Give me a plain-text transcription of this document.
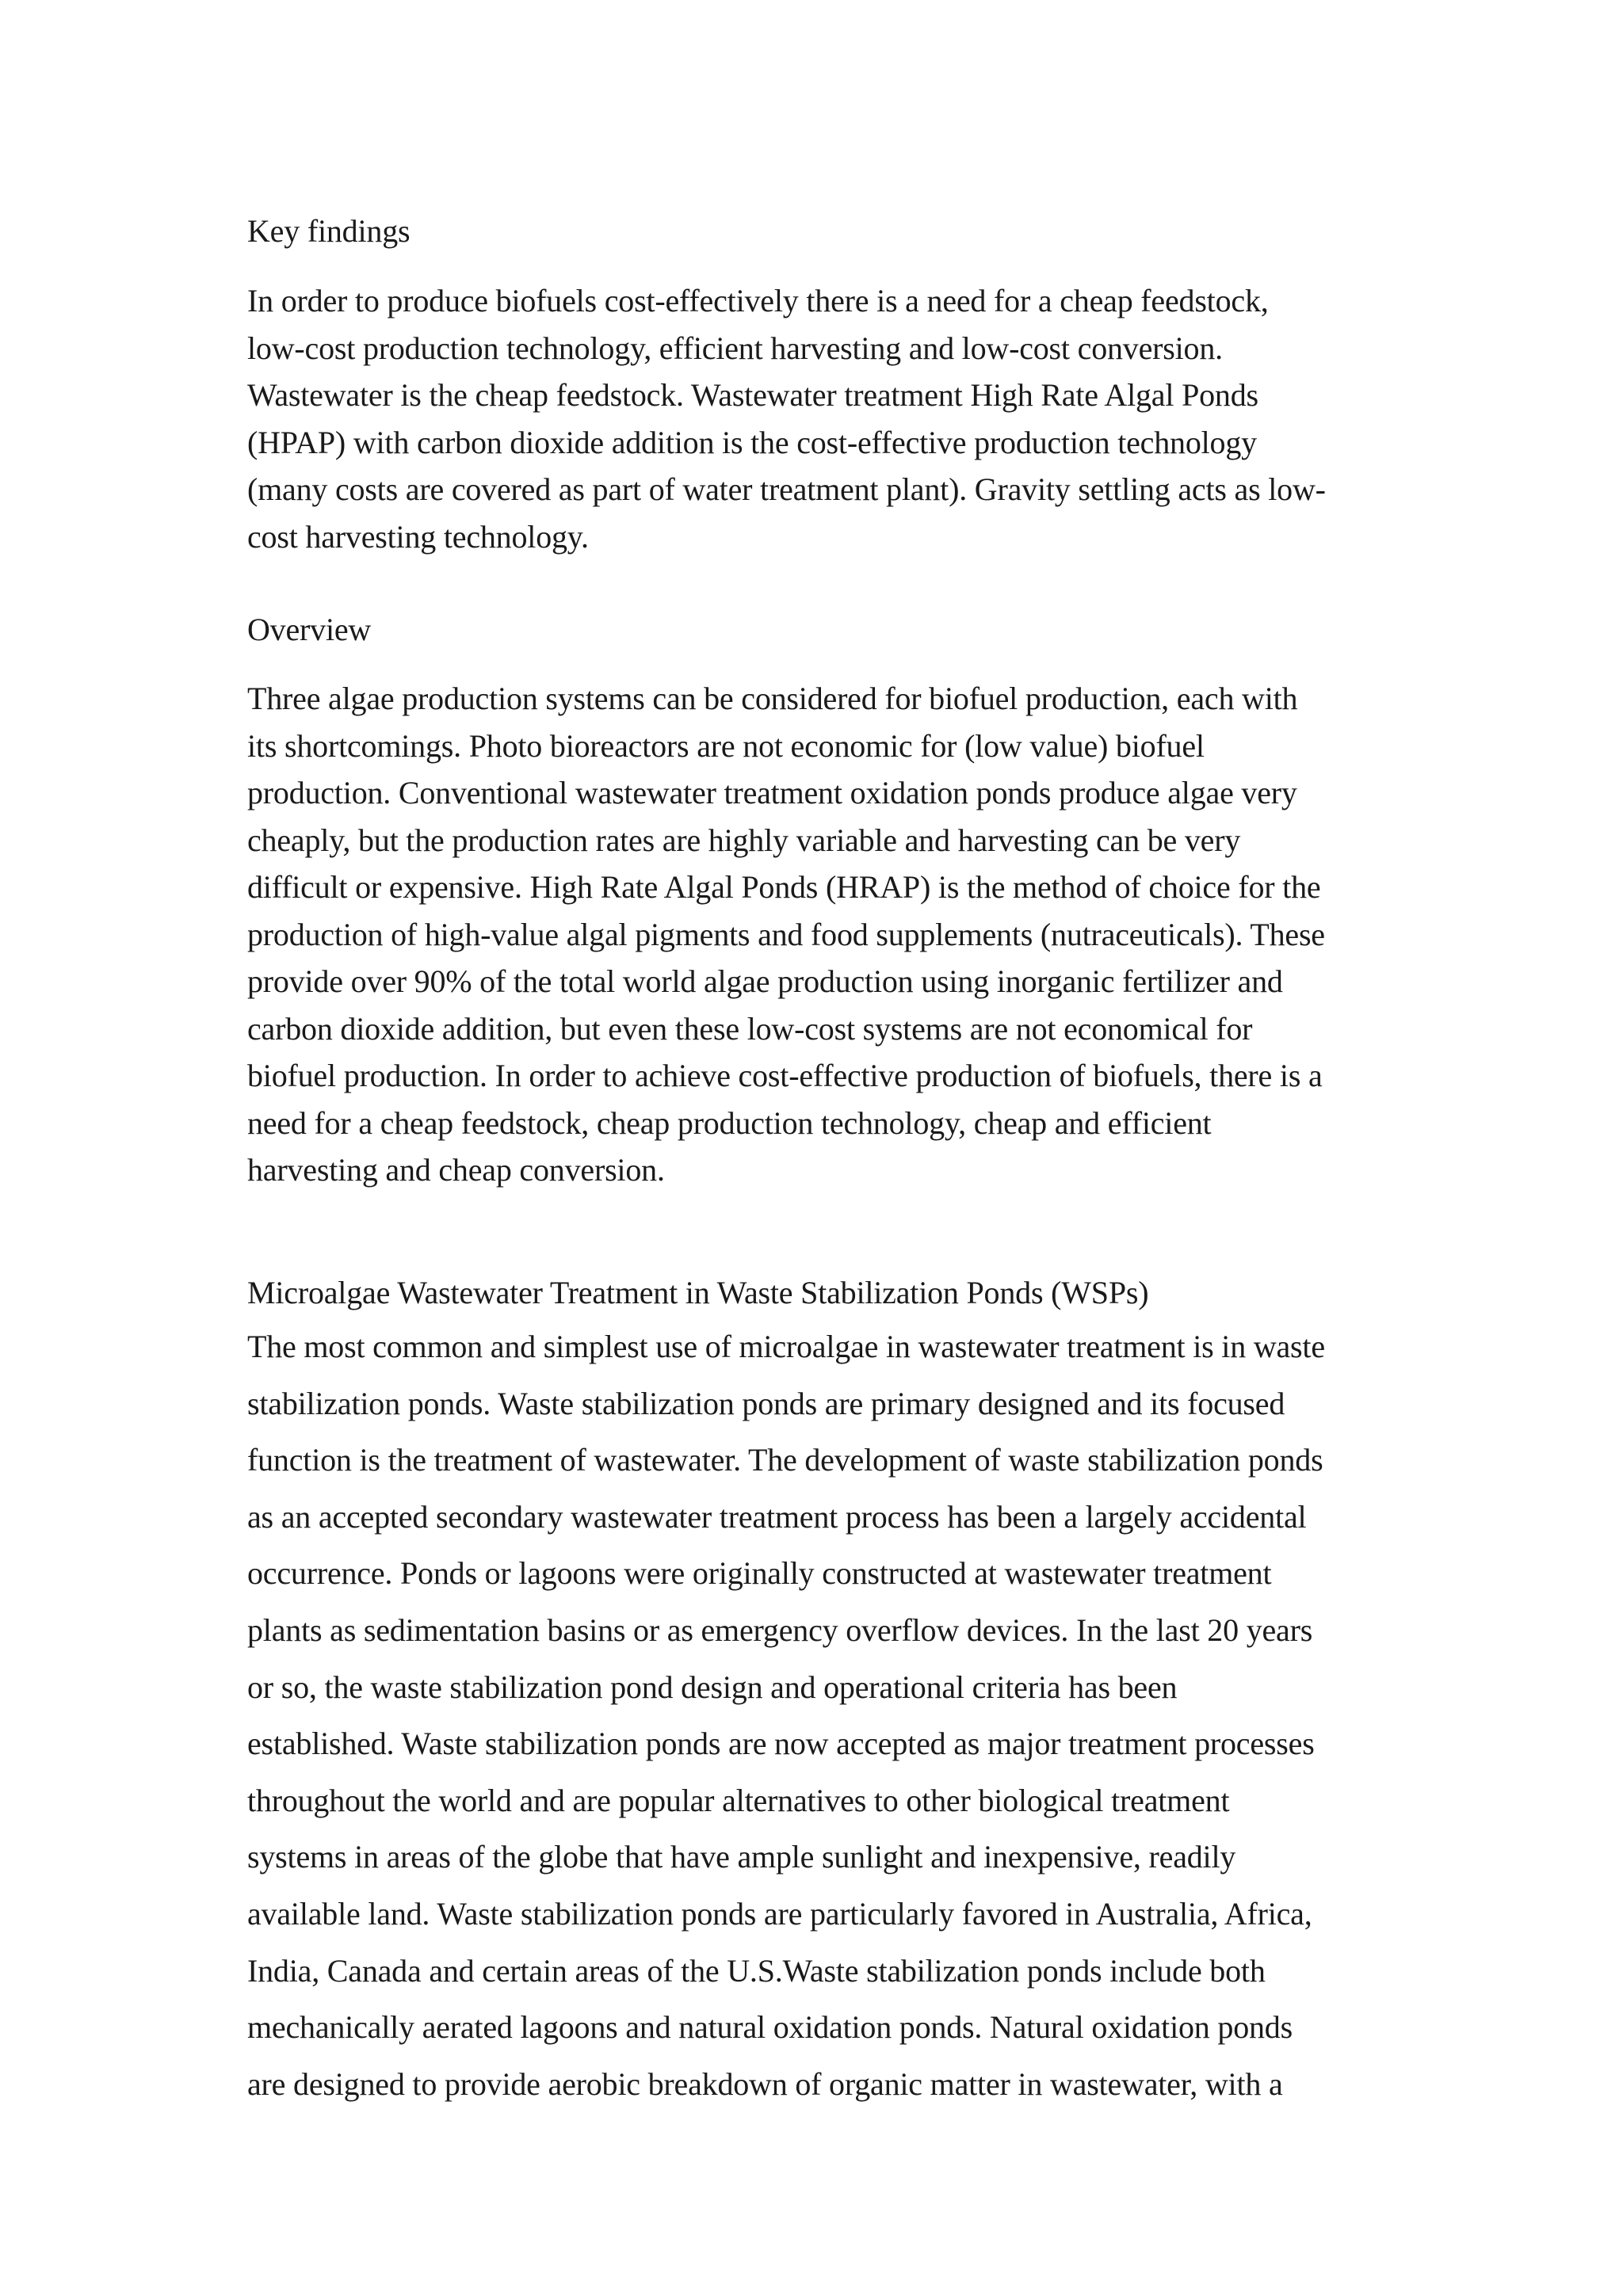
Key findings

In order to produce biofuels cost-effectively there is a need for a cheap feedstock,
low-cost production technology, efficient harvesting and low-cost conversion.
Wastewater is the cheap feedstock. Wastewater treatment High Rate Algal Ponds
(HPAP) with carbon dioxide addition is the cost-effective production technology
(many costs are covered as part of water treatment plant). Gravity settling acts as low-
cost harvesting technology.

Overview

Three algae production systems can be considered for biofuel production, each with
its shortcomings. Photo bioreactors are not economic for (low value) biofuel
production. Conventional wastewater treatment oxidation ponds produce algae very
cheaply, but the production rates are highly variable and harvesting can be very
difficult or expensive. High Rate Algal Ponds (HRAP) is the method of choice for the
production of high-value algal pigments and food supplements (nutraceuticals). These
provide over 90% of the total world algae production using inorganic fertilizer and
carbon dioxide addition, but even these low-cost systems are not economical for
biofuel production. In order to achieve cost-effective production of biofuels, there is a
need for a cheap feedstock, cheap production technology, cheap and efficient
harvesting and cheap conversion.

Microalgae Wastewater Treatment in Waste Stabilization Ponds (WSPs)

The most common and simplest use of microalgae in wastewater treatment is in waste
stabilization ponds. Waste stabilization ponds are primary designed and its focused
function is the treatment of wastewater. The development of waste stabilization ponds
as an accepted secondary wastewater treatment process has been a largely accidental
occurrence. Ponds or lagoons were originally constructed at wastewater treatment
plants as sedimentation basins or as emergency overflow devices. In the last 20 years
or so, the waste stabilization pond design and operational criteria has been
established. Waste stabilization ponds are now accepted as major treatment processes
throughout the world and are popular alternatives to other biological treatment
systems in areas of the globe that have ample sunlight and inexpensive, readily
available land. Waste stabilization ponds are particularly favored in Australia, Africa,
India, Canada and certain areas of the U.S.Waste stabilization ponds include both
mechanically aerated lagoons and natural oxidation ponds. Natural oxidation ponds
are designed to provide aerobic breakdown of organic matter in wastewater, with a
